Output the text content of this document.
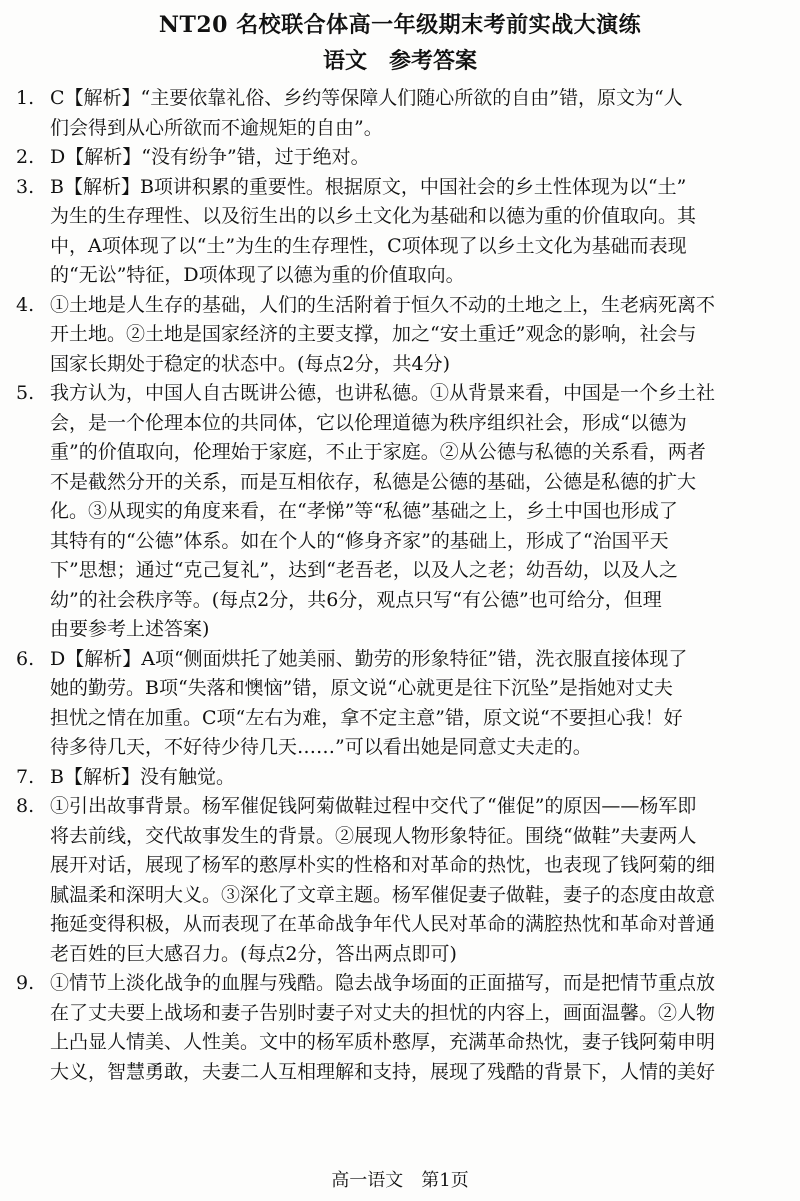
NT20 名校联合体高一年级期末考前实战大演练
语文　参考答案
1. C【解析】“主要依靠礼俗、乡约等保障人们随心所欲的自由”错，原文为“人
们会得到从心所欲而不逾规矩的自由”。
2. D【解析】“没有纷争”错，过于绝对。
3. B【解析】B项讲积累的重要性。根据原文，中国社会的乡土性体现为以“土”
为生的生存理性、以及衍生出的以乡土文化为基础和以德为重的价值取向。其
中，A项体现了以“土”为生的生存理性，C项体现了以乡土文化为基础而表现
的“无讼”特征，D项体现了以德为重的价值取向。
4. ①土地是人生存的基础，人们的生活附着于恒久不动的土地之上，生老病死离不
开土地。②土地是国家经济的主要支撑，加之“安土重迁”观念的影响，社会与
国家长期处于稳定的状态中。(每点2分，共4分)
5. 我方认为，中国人自古既讲公德，也讲私德。①从背景来看，中国是一个乡土社
会，是一个伦理本位的共同体，它以伦理道德为秩序组织社会，形成“以德为
重”的价值取向，伦理始于家庭，不止于家庭。②从公德与私德的关系看，两者
不是截然分开的关系，而是互相依存，私德是公德的基础，公德是私德的扩大
化。③从现实的角度来看，在“孝悌”等“私德”基础之上，乡土中国也形成了
其特有的“公德”体系。如在个人的“修身齐家”的基础上，形成了“治国平天
下”思想；通过“克己复礼”，达到“老吾老，以及人之老；幼吾幼，以及人之
幼”的社会秩序等。(每点2分，共6分，观点只写“有公德”也可给分，但理
由要参考上述答案)
6. D【解析】A项“侧面烘托了她美丽、勤劳的形象特征”错，洗衣服直接体现了
她的勤劳。B项“失落和懊恼”错，原文说“心就更是往下沉坠”是指她对丈夫
担忧之情在加重。C项“左右为难，拿不定主意”错，原文说“不要担心我！好
待多待几天，不好待少待几天……”可以看出她是同意丈夫走的。
7. B【解析】没有触觉。
8. ①引出故事背景。杨军催促钱阿菊做鞋过程中交代了“催促”的原因——杨军即
将去前线，交代故事发生的背景。②展现人物形象特征。围绕“做鞋”夫妻两人
展开对话，展现了杨军的憨厚朴实的性格和对革命的热忱，也表现了钱阿菊的细
腻温柔和深明大义。③深化了文章主题。杨军催促妻子做鞋，妻子的态度由故意
拖延变得积极，从而表现了在革命战争年代人民对革命的满腔热忱和革命对普通
老百姓的巨大感召力。(每点2分，答出两点即可)
9. ①情节上淡化战争的血腥与残酷。隐去战争场面的正面描写，而是把情节重点放
在了丈夫要上战场和妻子告别时妻子对丈夫的担忧的内容上，画面温馨。②人物
上凸显人情美、人性美。文中的杨军质朴憨厚，充满革命热忱，妻子钱阿菊申明
大义，智慧勇敢，夫妻二人互相理解和支持，展现了残酷的背景下，人情的美好
高一语文　第1页
